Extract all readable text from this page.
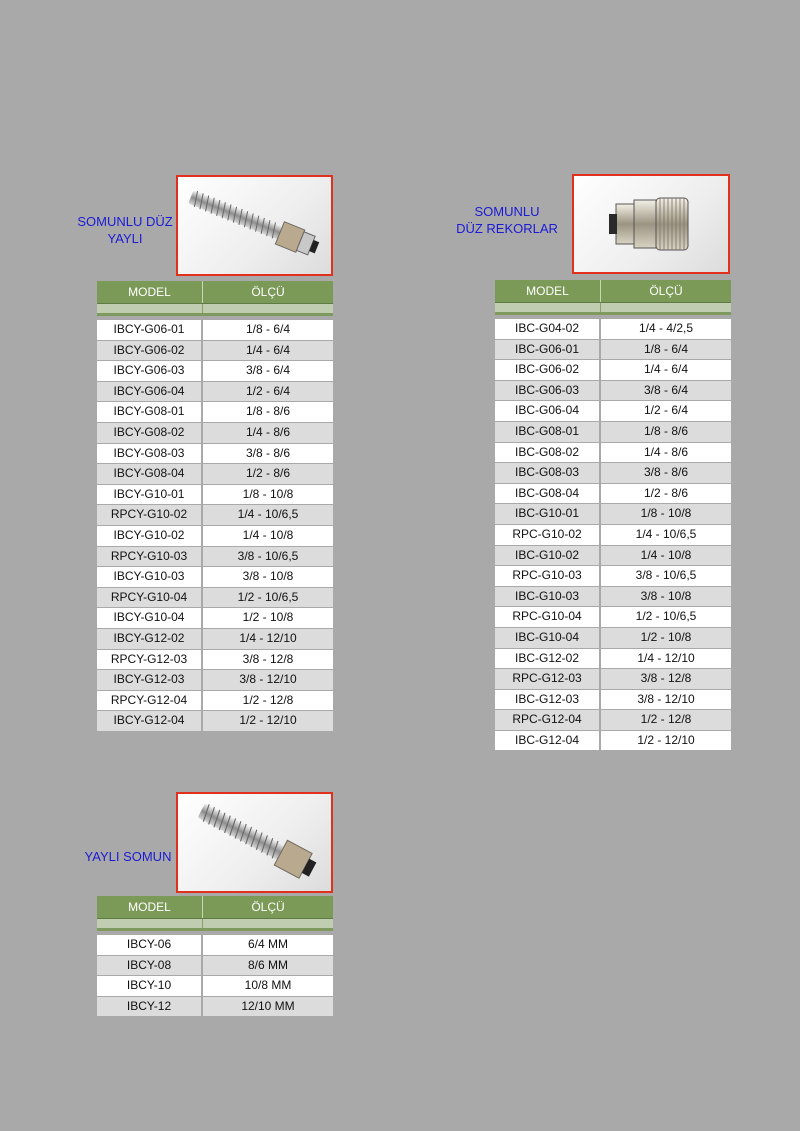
SOMUNLU DÜZ
YAYLI
MODEL	ÖLÇÜ
IBCY-G06-01	1/8 - 6/4
IBCY-G06-02	1/4 - 6/4
IBCY-G06-03	3/8 - 6/4
IBCY-G06-04	1/2 - 6/4
IBCY-G08-01	1/8 - 8/6
IBCY-G08-02	1/4 - 8/6
IBCY-G08-03	3/8 - 8/6
IBCY-G08-04	1/2 - 8/6
IBCY-G10-01	1/8 - 10/8
RPCY-G10-02	1/4 - 10/6,5
IBCY-G10-02	1/4 - 10/8
RPCY-G10-03	3/8 - 10/6,5
IBCY-G10-03	3/8 - 10/8
RPCY-G10-04	1/2 - 10/6,5
IBCY-G10-04	1/2 - 10/8
IBCY-G12-02	1/4 - 12/10
RPCY-G12-03	3/8 - 12/8
IBCY-G12-03	3/8 - 12/10
RPCY-G12-04	1/2 - 12/8
IBCY-G12-04	1/2 - 12/10
SOMUNLU
DÜZ REKORLAR
MODEL	ÖLÇÜ
IBC-G04-02	1/4 - 4/2,5
IBC-G06-01	1/8 - 6/4
IBC-G06-02	1/4 - 6/4
IBC-G06-03	3/8 - 6/4
IBC-G06-04	1/2 - 6/4
IBC-G08-01	1/8 - 8/6
IBC-G08-02	1/4 - 8/6
IBC-G08-03	3/8 - 8/6
IBC-G08-04	1/2 - 8/6
IBC-G10-01	1/8 - 10/8
RPC-G10-02	1/4 - 10/6,5
IBC-G10-02	1/4 - 10/8
RPC-G10-03	3/8 - 10/6,5
IBC-G10-03	3/8 - 10/8
RPC-G10-04	1/2 - 10/6,5
IBC-G10-04	1/2 - 10/8
IBC-G12-02	1/4 - 12/10
RPC-G12-03	3/8 - 12/8
IBC-G12-03	3/8 - 12/10
RPC-G12-04	1/2 - 12/8
IBC-G12-04	1/2 - 12/10
YAYLI SOMUN
MODEL	ÖLÇÜ
IBCY-06	6/4 MM
IBCY-08	8/6 MM
IBCY-10	10/8 MM
IBCY-12	12/10 MM
